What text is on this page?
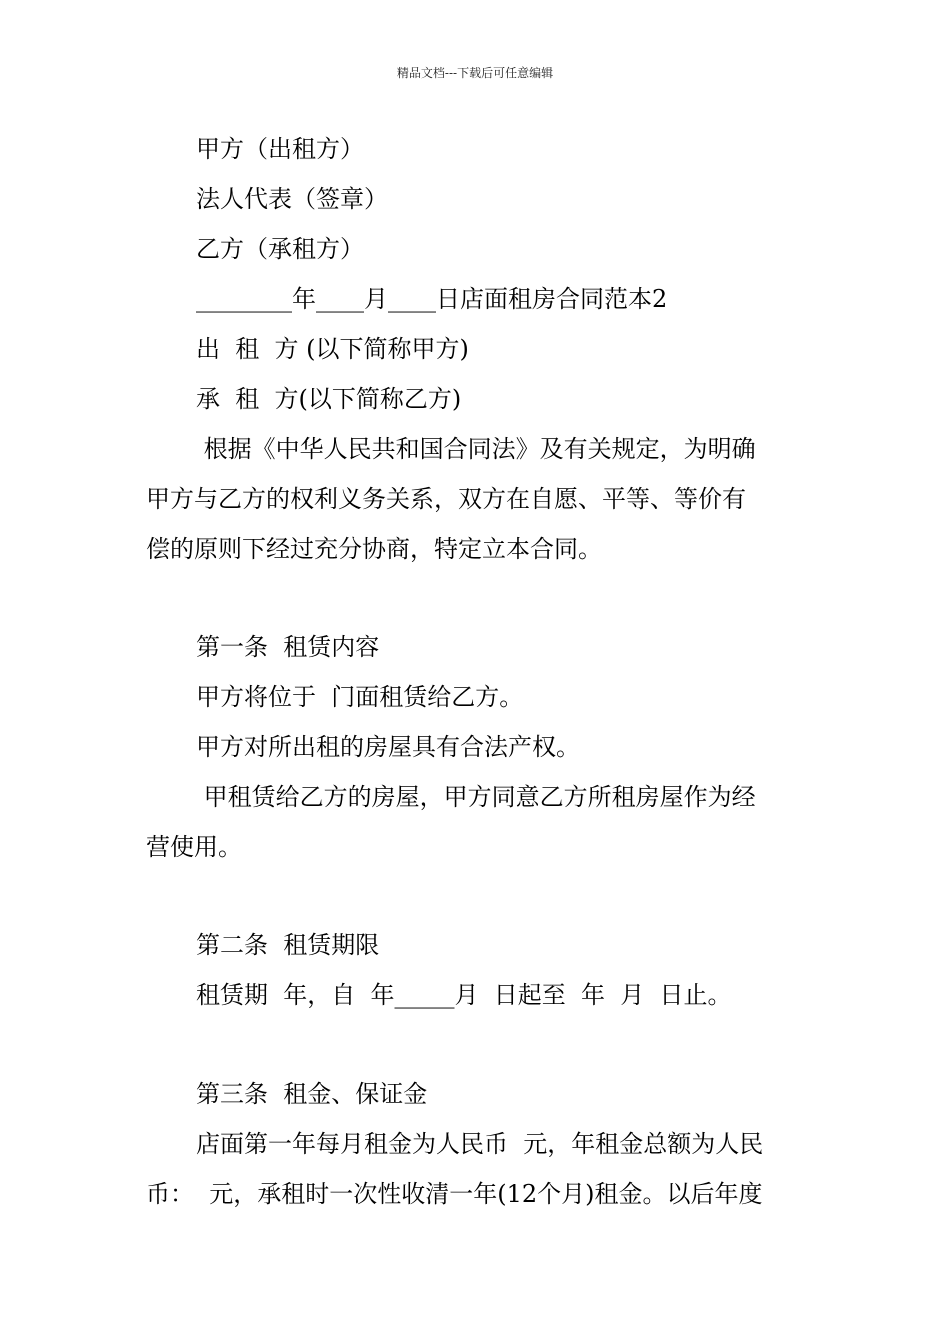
精品文档---下载后可任意编辑
甲方（出租方）
法人代表（签章）
乙方（承租方）
________年____月____日店面租房合同范本2
出  租  方 (以下简称甲方)
承  租  方(以下简称乙方)
根据《中华人民共和国合同法》及有关规定，为明确
甲方与乙方的权利义务关系，双方在自愿、平等、等价有
偿的原则下经过充分协商，特定立本合同。
第一条  租赁内容
甲方将位于  门面租赁给乙方。
甲方对所出租的房屋具有合法产权。
甲租赁给乙方的房屋，甲方同意乙方所租房屋作为经
营使用。
第二条  租赁期限
租赁期  年，自  年_____月  日起至  年  月  日止。
第三条  租金、保证金
店面第一年每月租金为人民币  元，年租金总额为人民
币：  元，承租时一次性收清一年(12个月)租金。以后年度
